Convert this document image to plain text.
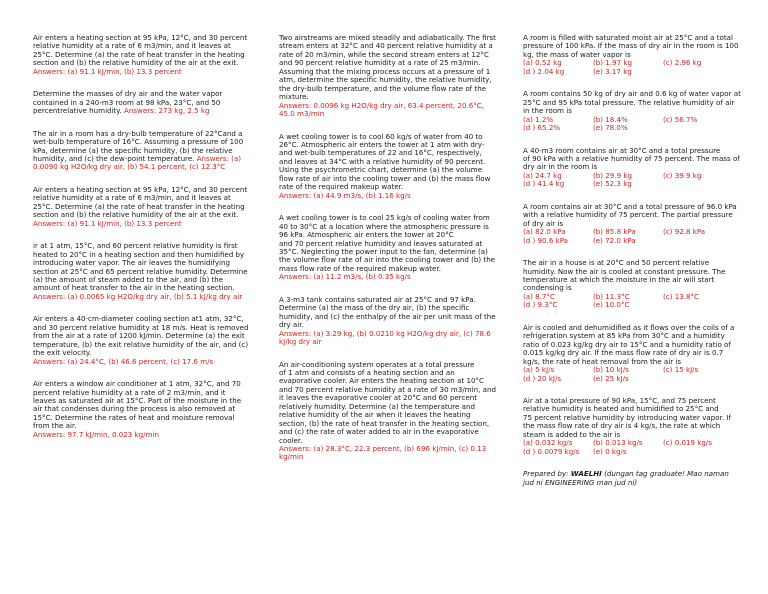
Air enters a heating section at 95 kPa, 12°C, and 30 percent relative humidity at a rate of 6 m3/min, and it leaves at 25°C. Determine (a) the rate of heat transfer in the heating section and (b) the relative humidity of the air at the exit.
Answers: (a) 91.1 kJ/min, (b) 13.3 percent
Determine the masses of dry air and the water vapor contained in a 240-m3 room at 98 kPa, 23°C, and 50 percentrelative humidity. Answers: 273 kg, 2.5 kg
The air in a room has a dry-bulb temperature of 22°Cand a wet-bulb temperature of 16°C. Assuming a pressure of 100 kPa, determine (a) the specific humidity, (b) the relative humidity, and (c) the dew-point temperature. Answers: (a) 0.0090 kg H2O/kg dry air, (b) 54.1 percent, (c) 12.3°C
Air enters a heating section at 95 kPa, 12°C, and 30 percent relative humidity at a rate of 6 m3/min, and it leaves at 25°C. Determine (a) the rate of heat transfer in the heating section and (b) the relative humidity of the air at the exit.
Answers: (a) 91.1 kJ/min, (b) 13.3 percent
ir at 1 atm, 15°C, and 60 percent relative humidity is first heated to 20°C in a heating section and then humidified by introducing water vapor. The air leaves the humidifying section at 25°C and 65 percent relative humidity. Determine (a) the amount of steam added to the air, and (b) the amount of heat transfer to the air in the heating section.
Answers: (a) 0.0065 kg H2O/kg dry air, (b) 5.1 kJ/kg dry air
Air enters a 40-cm-diameter cooling section at1 atm, 32°C, and 30 percent relative humidity at 18 m/s. Heat is removed from the air at a rate of 1200 kJ/min. Determine (a) the exit temperature, (b) the exit relative humidity of the air, and (c) the exit velocity.
Answers: (a) 24.4°C, (b) 46.6 percent, (c) 17.6 m/s
Air enters a window air conditioner at 1 atm, 32°C, and 70 percent relative humidity at a rate of 2 m3/min, and it leaves as saturated air at 15°C. Part of the moisture in the air that condenses during the process is also removed at 15°C. Determine the rates of heat and moisture removal from the air.
Answers: 97.7 kJ/min, 0.023 kg/min
Two airstreams are mixed steadily and adiabatically. The first stream enters at 32°C and 40 percent relative humidity at a rate of 20 m3/min, while the second stream enters at 12°C and 90 percent relative humidity at a rate of 25 m3/min. Assuming that the mixing process occurs at a pressure of 1 atm, determine the specific humidity, the relative humidity, the dry-bulb temperature, and the volume flow rate of the mixture.
Answers: 0.0096 kg H2O/kg dry air, 63.4 percent, 20.6°C, 45.0 m3/min
A wet cooling tower is to cool 60 kg/s of water from 40 to 26°C. Atmospheric air enters the tower at 1 atm with dry- and wet-bulb temperatures of 22 and 16°C, respectively, and leaves at 34°C with a relative humidity of 90 percent. Using the psychrometric chart, determine (a) the volume flow rate of air into the cooling tower and (b) the mass flow rate of the required makeup water.
Answers: (a) 44.9 m3/s, (b) 1.16 kg/s
A wet cooling tower is to cool 25 kg/s of cooling water from 40 to 30°C at a location where the atmospheric pressure is 96 kPa. Atmospheric air enters the tower at 20°C
and 70 percent relative humidity and leaves saturated at 35°C. Neglecting the power input to the fan, determine (a) the volume flow rate of air into the cooling tower and (b) the mass flow rate of the required makeup water.
Answers: (a) 11.2 m3/s, (b) 0.35 kg/s
A 3-m3 tank contains saturated air at 25°C and 97 kPa. Determine (a) the mass of the dry air, (b) the specific humidity, and (c) the enthalpy of the air per unit mass of the dry air.
Answers: (a) 3.29 kg, (b) 0.0210 kg H2O/kg dry air, (c) 78.6 kJ/kg dry air
An air-conditioning system operates at a total pressure
of 1 atm and consists of a heating section and an evaporative cooler. Air enters the heating section at 10°C and 70 percent relative humidity at a rate of 30 m3/min, and it leaves the evaporative cooler at 20°C and 60 percent relatively humidity. Determine (a) the temperature and relative humidity of the air when it leaves the heating section, (b) the rate of heat transfer in the heating section, and (c) the rate of water added to air in the evaporative cooler.
Answers: (a) 28.3°C, 22.3 percent, (b) 696 kJ/min, (c) 0.13 kg/min
A room is filled with saturated moist air at 25°C and a total pressure of 100 kPa. If the mass of dry air in the room is 100 kg, the mass of water vapor is
(a) 0.52 kg	(b) 1.97 kg	(c) 2.96 kg
(d ) 2.04 kg	(e) 3.17 kg
A room contains 50 kg of dry air and 0.6 kg of water vapor at 25°C and 95 kPa total pressure. The relative humidity of air in the room is
(a) 1.2%	(b) 18.4%	(c) 56.7%
(d ) 65.2%	(e) 78.0%
A 40-m3 room contains air at 30°C and a total pressure
of 90 kPa with a relative humidity of 75 percent. The mass of dry air in the room is
(a) 24.7 kg	(b) 29.9 kg	(c) 39.9 kg
(d ) 41.4 kg	(e) 52.3 kg
A room contains air at 30°C and a total pressure of 96.0 kPa with a relative humidity of 75 percent. The partial pressure of dry air is
(a) 82.0 kPa	(b) 85.8 kPa	(c) 92.8 kPa
(d ) 90.6 kPa	(e) 72.0 kPa
The air in a house is at 20°C and 50 percent relative humidity. Now the air is cooled at constant pressure. The temperature at which the moisture in the air will start condensing is
(a) 8.7°C	(b) 11.3°C	(c) 13.8°C
(d ) 9.3°C	(e) 10.0°C
Air is cooled and dehumidified as it flows over the coils of a refrigeration system at 85 kPa from 30°C and a humidity ratio of 0.023 kg/kg dry air to 15°C and a humidity ratio of 0.015 kg/kg dry air. If the mass flow rate of dry air is 0.7 kg/s, the rate of heat removal from the air is
(a) 5 kJ/s	(b) 10 kJ/s	(c) 15 kJ/s
(d ) 20 kJ/s	(e) 25 kJ/s
Air at a total pressure of 90 kPa, 15°C, and 75 percent
relative humidity is heated and humidified to 25°C and
75 percent relative humidity by introducing water vapor. If the mass flow rate of dry air is 4 kg/s, the rate at which steam is added to the air is
(a) 0.032 kg/s	(b) 0.013 kg/s	(c) 0.019 kg/s
(d ) 0.0079 kg/s	(e) 0 kg/s
Prepared by: WAELHI (dungan tag graduate! Mao naman jud ni ENGINEERING man jud ni)
